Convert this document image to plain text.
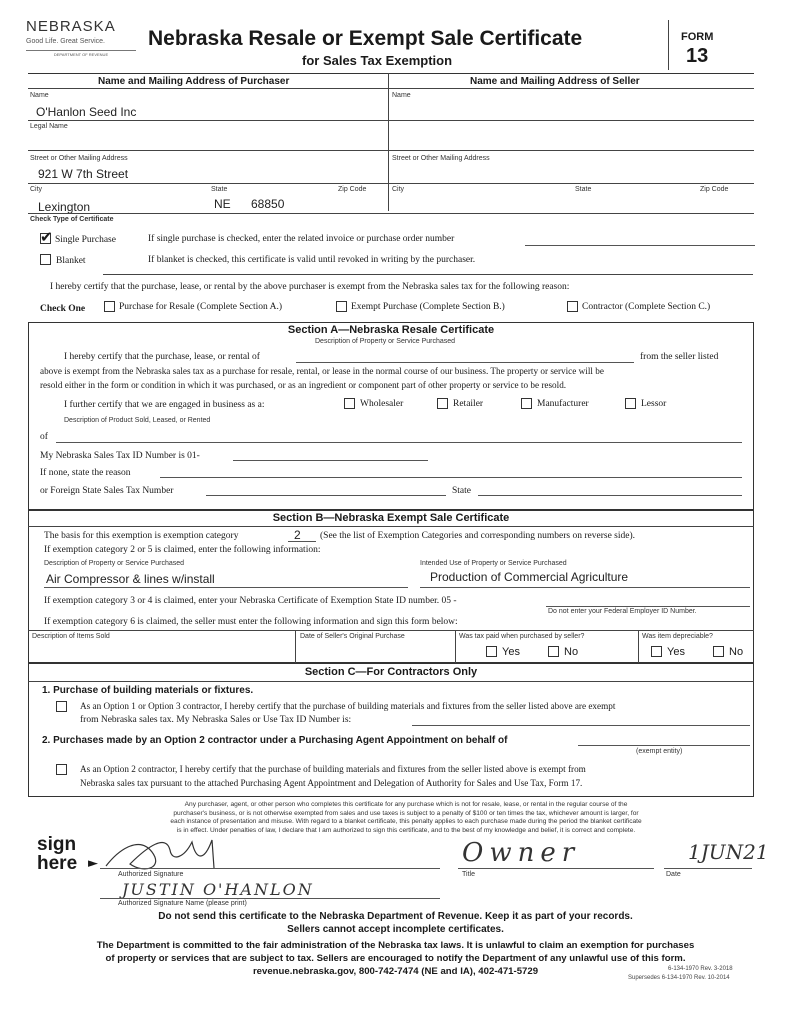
NEBRASKA
Good Life. Great Service.
DEPARTMENT OF REVENUE
Nebraska Resale or Exempt Sale Certificate
for Sales Tax Exemption
FORM
13
Name and Mailing Address of Purchaser	Name and Mailing Address of Seller
Name
O'Hanlon Seed Inc
Legal Name
Street or Other Mailing Address
921 W 7th Street
City	State	Zip Code
Lexington	NE 68850
Name
Street or Other Mailing Address
City	State	Zip Code
Check Type of Certificate
✔ Single Purchase	If single purchase is checked, enter the related invoice or purchase order number
Blanket	If blanket is checked, this certificate is valid until revoked in writing by the purchaser.
I hereby certify that the purchase, lease, or rental by the above purchaser is exempt from the Nebraska sales tax for the following reason:
Check One	Purchase for Resale (Complete Section A.)	Exempt Purchase (Complete Section B.)	Contractor (Complete Section C.)
Section A—Nebraska Resale Certificate
Description of Property or Service Purchased
I hereby certify that the purchase, lease, or rental of	from the seller listed
above is exempt from the Nebraska sales tax as a purchase for resale, rental, or lease in the normal course of our business. The property or service will be
resold either in the form or condition in which it was purchased, or as an ingredient or component part of other property or service to be resold.
I further certify that we are engaged in business as a:	Wholesaler	Retailer	Manufacturer	Lessor
Description of Product Sold, Leased, or Rented
of
My Nebraska Sales Tax ID Number is 01-
If none, state the reason
or Foreign State Sales Tax Number	State
Section B—Nebraska Exempt Sale Certificate
The basis for this exemption is exemption category	2 (See the list of Exemption Categories and corresponding numbers on reverse side).
If exemption category 2 or 5 is claimed, enter the following information:
Description of Property or Service Purchased	Intended Use of Property or Service Purchased
Air Compressor & lines w/install	Production of Commercial Agriculture
If exemption category 3 or 4 is claimed, enter your Nebraska Certificate of Exemption State ID number. 05 -
Do not enter your Federal Employer ID Number.
If exemption category 6 is claimed, the seller must enter the following information and sign this form below:
Description of Items Sold	Date of Seller's Original Purchase	Was tax paid when purchased by seller?	Was item depreciable?
Yes	No	Yes	No
Section C—For Contractors Only
1. Purchase of building materials or fixtures.
As an Option 1 or Option 3 contractor, I hereby certify that the purchase of building materials and fixtures from the seller listed above are exempt
from Nebraska sales tax. My Nebraska Sales or Use Tax ID Number is:
2. Purchases made by an Option 2 contractor under a Purchasing Agent Appointment on behalf of
(exempt entity)
As an Option 2 contractor, I hereby certify that the purchase of building materials and fixtures from the seller listed above is exempt from
Nebraska sales tax pursuant to the attached Purchasing Agent Appointment and Delegation of Authority for Sales and Use Tax, Form 17.
Any purchaser, agent, or other person who completes this certificate for any purchase which is not for resale, lease, or rental in the regular course of the
purchaser's business, or is not otherwise exempted from sales and use taxes is subject to a penalty of $100 or ten times the tax, whichever amount is larger, for
each instance of presentation and misuse. With regard to a blanket certificate, this penalty applies to each purchase made during the period the blanket certificate
is in effect. Under penalties of law, I declare that I am authorized to sign this certificate, and to the best of my knowledge and belief, it is correct and complete.
sign
here ►
Authorized Signature
Owner
Title
1JUN21
Date
JUSTIN O'HANLON
Authorized Signature Name (please print)
Do not send this certificate to the Nebraska Department of Revenue. Keep it as part of your records.
Sellers cannot accept incomplete certificates.
The Department is committed to the fair administration of the Nebraska tax laws. It is unlawful to claim an exemption for purchases
of property or services that are subject to tax. Sellers are encouraged to notify the Department of any unlawful use of this form.
revenue.nebraska.gov, 800-742-7474 (NE and IA), 402-471-5729	6-134-1970 Rev. 3-2018
Supersedes 6-134-1970 Rev. 10-2014
